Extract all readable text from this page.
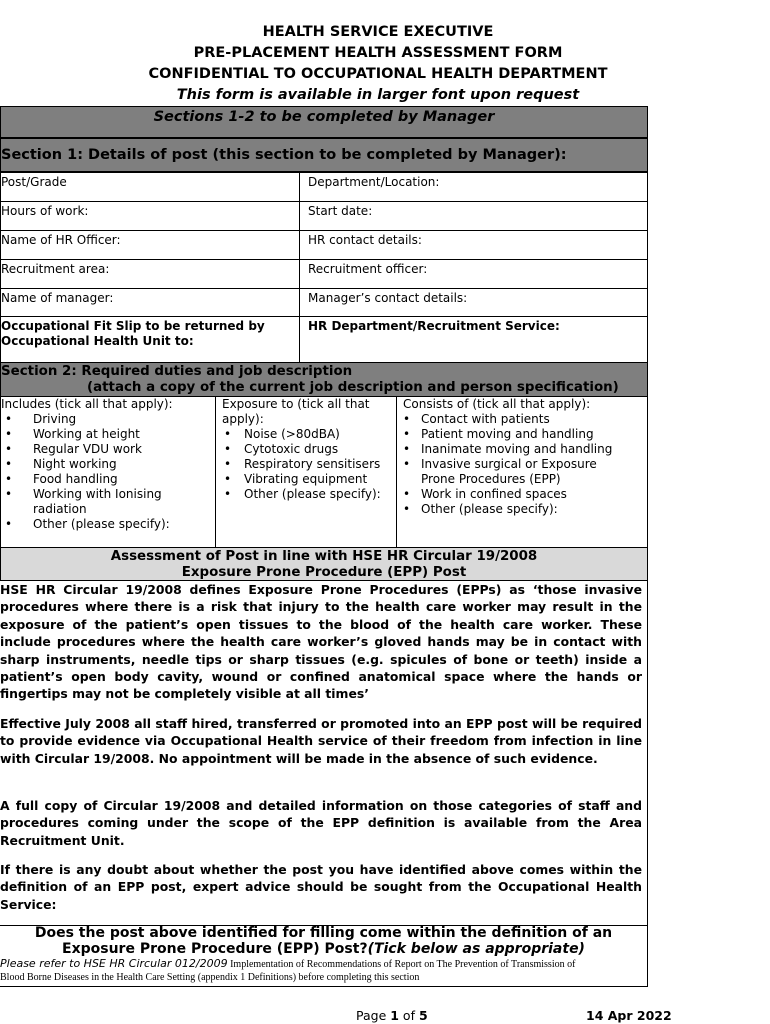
HEALTH SERVICE EXECUTIVE
PRE-PLACEMENT HEALTH ASSESSMENT FORM
CONFIDENTIAL TO OCCUPATIONAL HEALTH DEPARTMENT
This form is available in larger font upon request
Sections 1-2 to be completed by Manager
Section 1: Details of post (this section to be completed by Manager):
Post/Grade	Department/Location:
Hours of work:	Start date:
Name of HR Officer:	HR contact details:
Recruitment area:	Recruitment officer:
Name of manager:	Manager’s contact details:
Occupational Fit Slip to be returned by
Occupational Health Unit to:
HR Department/Recruitment Service:
Section 2: Required duties and job description
(attach a copy of the current job description and person specification)
Includes (tick all that apply):
• Driving
• Working at height
• Regular VDU work
• Night working
• Food handling
• Working with Ionising
radiation
• Other (please specify):
Exposure to (tick all that
apply):
• Noise (>80dBA)
• Cytotoxic drugs
• Respiratory sensitisers
• Vibrating equipment
• Other (please specify):
Consists of (tick all that apply):
• Contact with patients
• Patient moving and handling
• Inanimate moving and handling
• Invasive surgical or Exposure
Prone Procedures (EPP)
• Work in confined spaces
• Other (please specify):
Assessment of Post in line with HSE HR Circular 19/2008
Exposure Prone Procedure (EPP) Post
HSE HR Circular 19/2008 defines Exposure Prone Procedures (EPPs) as ‘those invasive procedures where there is a risk that injury to the health care worker may result in the exposure of the patient’s open tissues to the blood of the health care worker. These include procedures where the health care worker’s gloved hands may be in contact with sharp instruments, needle tips or sharp tissues (e.g. spicules of bone or teeth) inside a patient’s open body cavity, wound or confined anatomical space where the hands or fingertips may not be completely visible at all times’
Effective July 2008 all staff hired, transferred or promoted into an EPP post will be required to provide evidence via Occupational Health service of their freedom from infection in line with Circular 19/2008. No appointment will be made in the absence of such evidence.
A full copy of Circular 19/2008 and detailed information on those categories of staff and procedures coming under the scope of the EPP definition is available from the Area Recruitment Unit.
If there is any doubt about whether the post you have identified above comes within the definition of an EPP post, expert advice should be sought from the Occupational Health Service:
Does the post above identified for filling come within the definition of an
Exposure Prone Procedure (EPP) Post?(Tick below as appropriate)
Please refer to HSE HR Circular 012/2009 Implementation of Recommendations of Report on The Prevention of Transmission of
Blood Borne Diseases in the Health Care Setting (appendix 1 Definitions) before completing this section
Page 1 of 5	14 Apr 2022
